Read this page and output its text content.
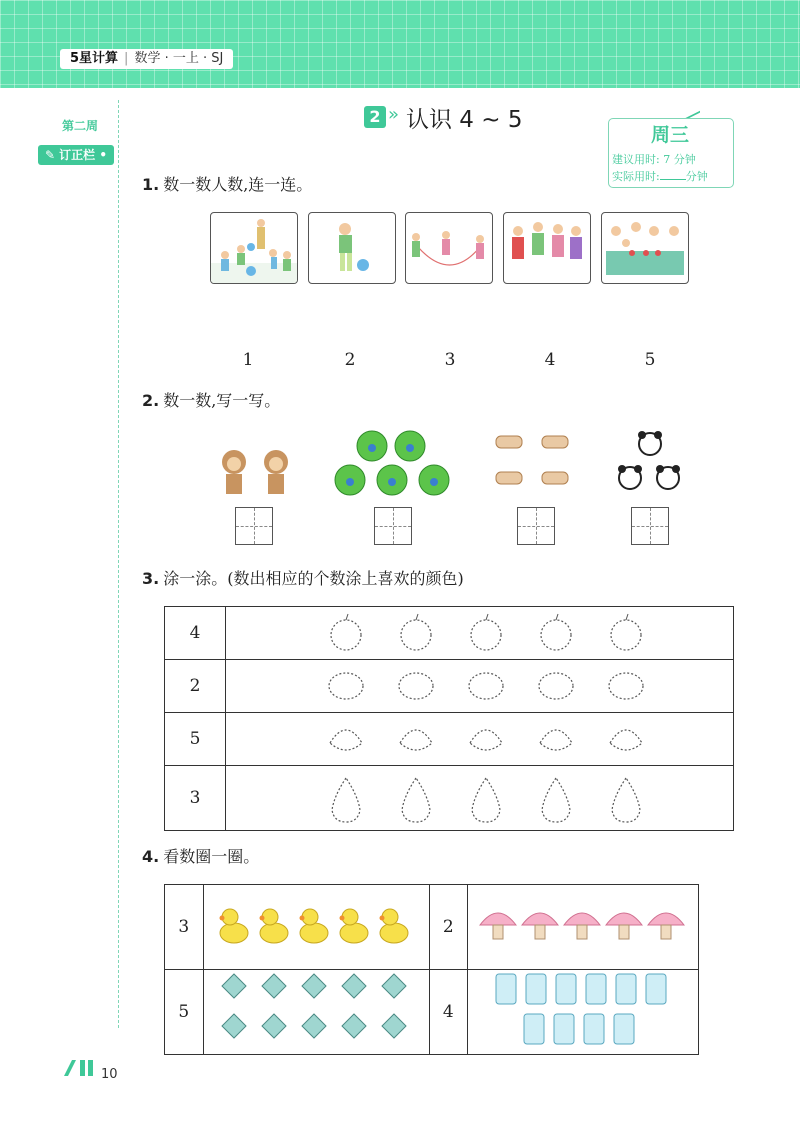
5星计算 | 数学 · 一上 · SJ
第二周
✎ 订正栏 •
2 » 认识 4 ~ 5
周三
建议用时: 7 分钟
实际用时: 分钟
1. 数一数人数,连一连。
1	2	3	4	5
2. 数一数,写一写。
3. 涂一涂。(数出相应的个数涂上喜欢的颜色)
4	
2	
5	
3	
4. 看数圈一圈。
3		2	
5		4	
10
